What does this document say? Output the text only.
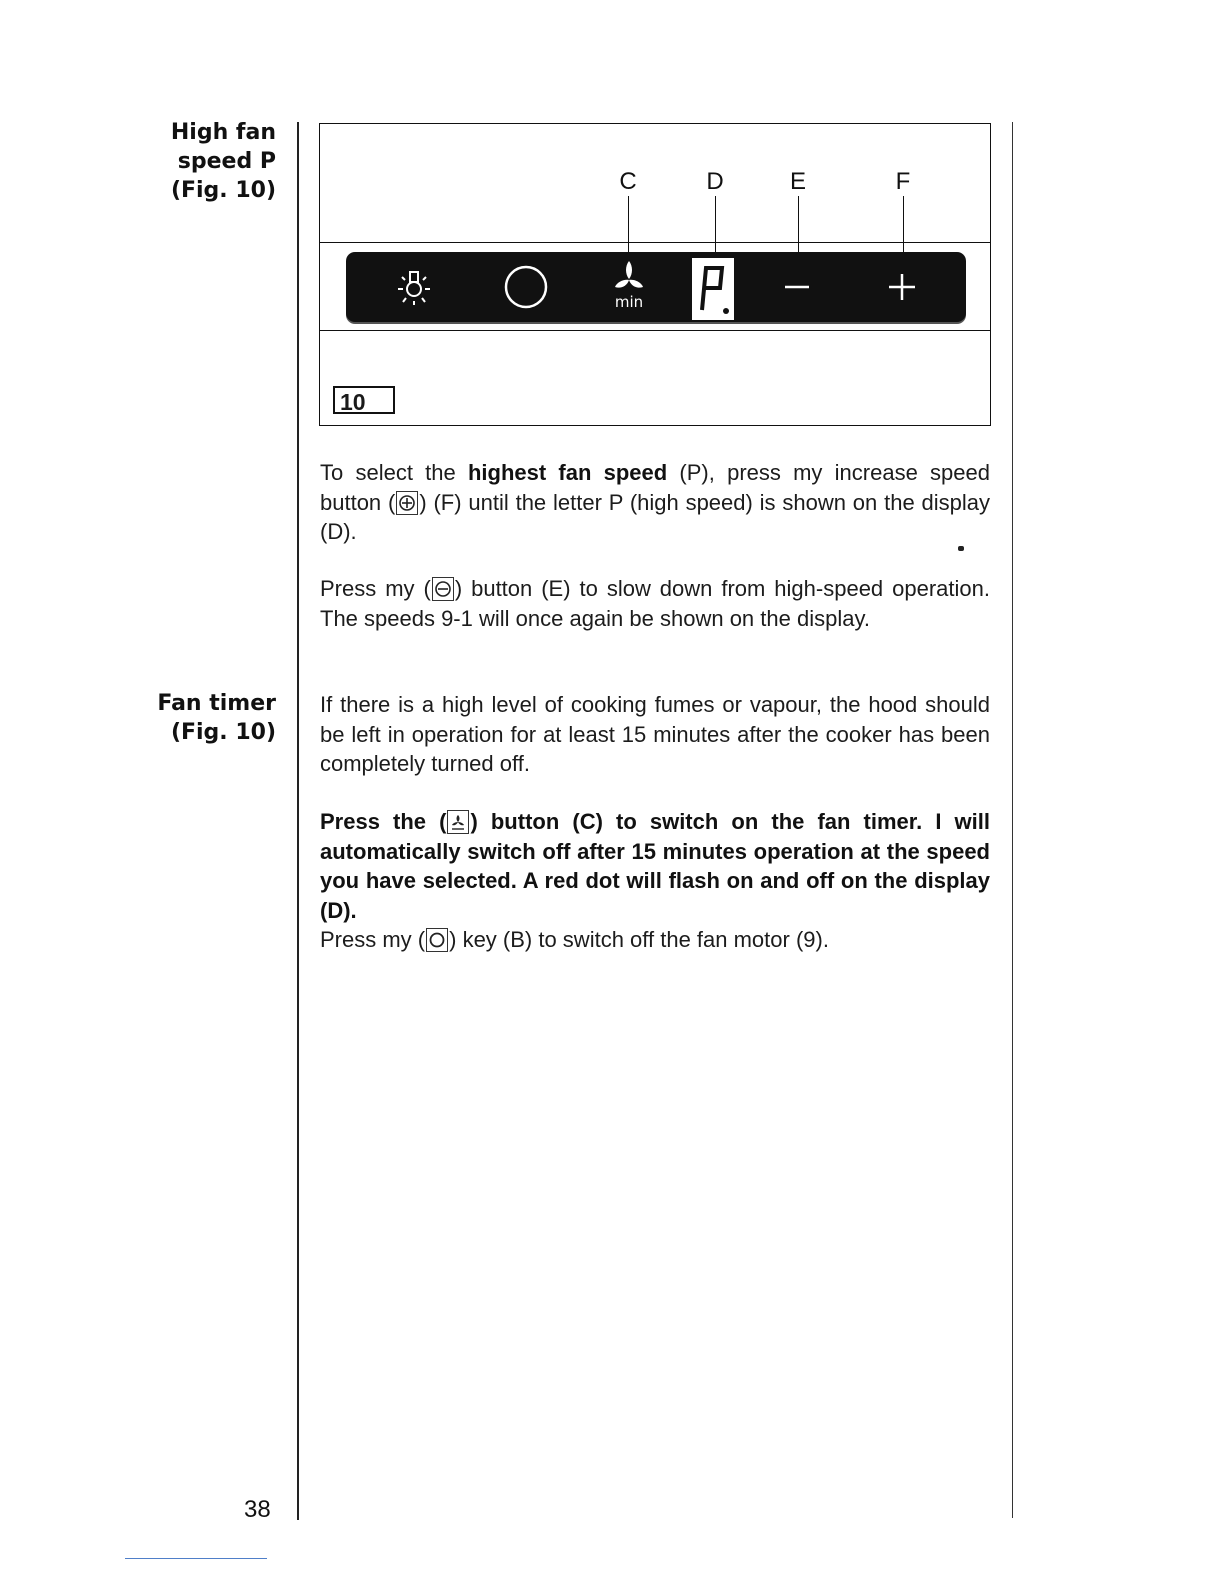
High fan
speed P
(Fig. 10)
Fan timer
(Fig. 10)
C	D	E	F
min
10

To select the highest fan speed (P), press my increase speed button ( ) (F) until the letter P (high speed) is shown on the display (D).

Press my ( ) button (E) to slow down from high-speed operation. The speeds 9-1 will once again be shown on the display.

If there is a high level of cooking fumes or vapour, the hood should be left in operation for at least 15 minutes after the cooker has been completely turned off.

Press the ( ) button (C) to switch on the fan timer. I will automatically switch off after 15 minutes operation at the speed you have selected. A red dot will flash on and off on the display (D).

Press my ( ) key (B) to switch off the fan motor (9).

38
